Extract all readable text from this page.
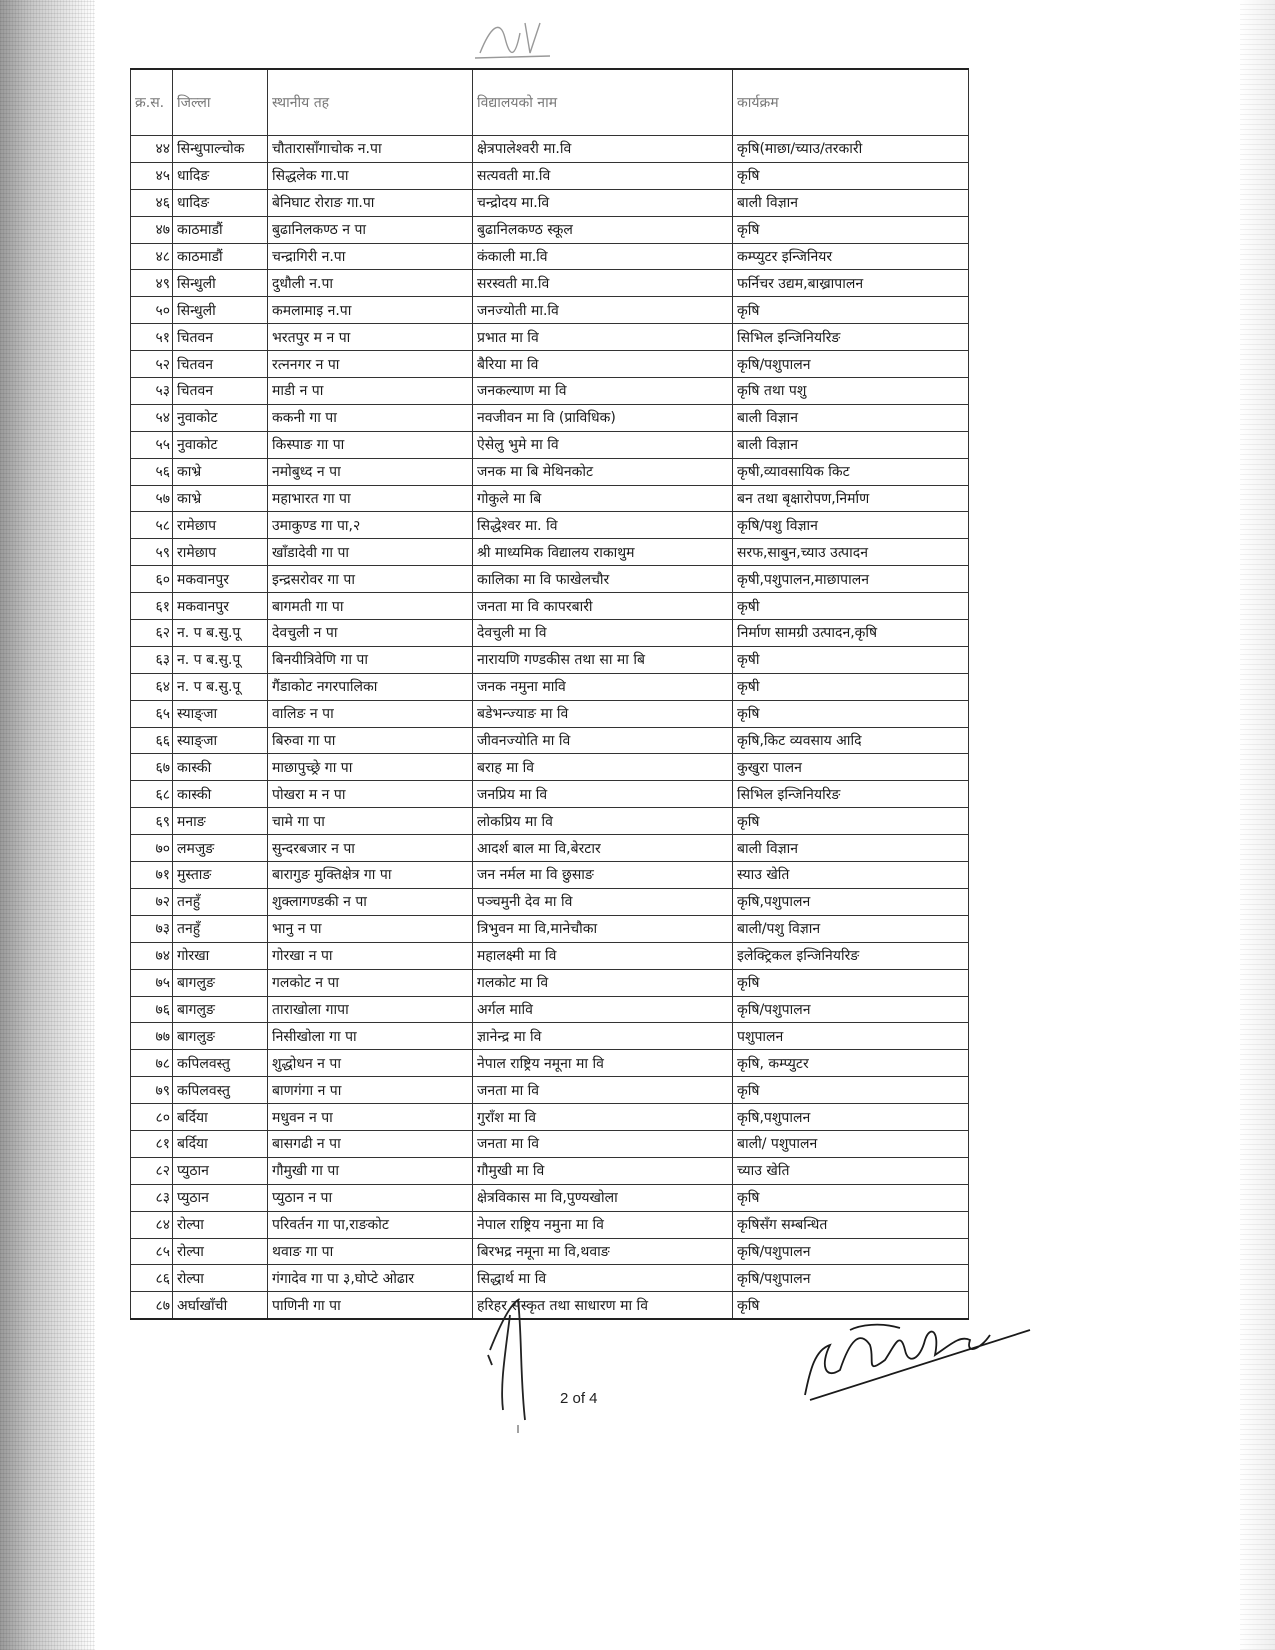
क्र.स.	जिल्ला	स्थानीय तह	विद्यालयको नाम	कार्यक्रम
४४	सिन्धुपाल्चोक	चौतारासाँगाचोक न.पा	क्षेत्रपालेश्वरी मा.वि	कृषि(माछा/च्याउ/तरकारी
४५	धादिङ	सिद्धलेक गा.पा	सत्यवती मा.वि	कृषि
४६	धादिङ	बेनिघाट रोराङ गा.पा	चन्द्रोदय मा.वि	बाली विज्ञान
४७	काठमाडौं	बुढानिलकण्ठ न पा	बुढानिलकण्ठ स्कूल	कृषि
४८	काठमाडौं	चन्द्रागिरी न.पा	कंकाली मा.वि	कम्प्युटर इन्जिनियर
४९	सिन्धुली	दुधौली न.पा	सरस्वती मा.वि	फर्निचर उद्यम,बाख्रापालन
५०	सिन्धुली	कमलामाइ न.पा	जनज्योती मा.वि	कृषि
५१	चितवन	भरतपुर म न पा	प्रभात मा वि	सिभिल इन्जिनियरिङ
५२	चितवन	रत्ननगर न पा	बैरिया मा वि	कृषि/पशुपालन
५३	चितवन	माडी न पा	जनकल्याण मा वि	कृषि तथा पशु
५४	नुवाकोट	ककनी गा पा	नवजीवन मा वि (प्राविधिक)	बाली विज्ञान
५५	नुवाकोट	किस्पाङ गा पा	ऐसेलु भुमे मा वि	बाली विज्ञान
५६	काभ्रे	नमोबुध्द न पा	जनक मा बि मेथिनकोट	कृषी,व्यावसायिक किट
५७	काभ्रे	महाभारत गा पा	गोकुले मा बि	बन तथा बृक्षारोपण,निर्माण
५८	रामेछाप	उमाकुण्ड गा पा,२	सिद्धेश्वर मा. वि	कृषि/पशु विज्ञान
५९	रामेछाप	खाँडादेवी गा पा	श्री माध्यमिक विद्यालय राकाथुम	सरफ,साबुन,च्याउ उत्पादन
६०	मकवानपुर	इन्द्रसरोवर गा पा	कालिका मा वि फाखेलचौर	कृषी,पशुपालन,माछापालन
६१	मकवानपुर	बागमती गा पा	जनता मा वि कापरबारी	कृषी
६२	न. प ब.सु.पू	देवचुली न पा	देवचुली मा वि	निर्माण सामग्री उत्पादन,कृषि
६३	न. प ब.सु.पू	बिनयीत्रिवेणि गा पा	नारायणि गण्डकीस तथा सा मा बि	कृषी
६४	न. प ब.सु.पू	गैंडाकोट नगरपालिका	जनक नमुना मावि	कृषी
६५	स्याङ्जा	वालिङ न पा	बडेभन्ज्याङ मा वि	कृषि
६६	स्याङ्जा	बिरुवा गा पा	जीवनज्योति मा वि	कृषि,किट व्यवसाय आदि
६७	कास्की	माछापुच्छ्रे गा पा	बराह मा वि	कुखुरा पालन
६८	कास्की	पोखरा म न पा	जनप्रिय मा वि	सिभिल इन्जिनियरिङ
६९	मनाङ	चामे गा पा	लोकप्रिय मा वि	कृषि
७०	लमजुङ	सुन्दरबजार न पा	आदर्श बाल मा वि,बेरटार	बाली विज्ञान
७१	मुस्ताङ	बारागुङ मुक्तिक्षेत्र गा पा	जन नर्मल मा वि छुसाङ	स्याउ खेति
७२	तनहुँ	शुक्लागण्डकी न पा	पञ्चमुनी देव मा वि	कृषि,पशुपालन
७३	तनहुँ	भानु न पा	त्रिभुवन मा वि,मानेचौका	बाली/पशु विज्ञान
७४	गोरखा	गोरखा न पा	महालक्ष्मी मा वि	इलेक्ट्रिकल इन्जिनियरिङ
७५	बागलुङ	गलकोट न पा	गलकोट मा वि	कृषि
७६	बागलुङ	ताराखोला गापा	अर्गल मावि	कृषि/पशुपालन
७७	बागलुङ	निसीखोला गा पा	ज्ञानेन्द्र मा वि	पशुपालन
७८	कपिलवस्तु	शुद्धोधन न पा	नेपाल राष्ट्रिय नमूना मा वि	कृषि, कम्प्युटर
७९	कपिलवस्तु	बाणगंगा न पा	जनता मा वि	कृषि
८०	बर्दिया	मधुवन न पा	गुराँश मा वि	कृषि,पशुपालन
८१	बर्दिया	बासगढी न पा	जनता मा वि	बाली/ पशुपालन
८२	प्युठान	गौमुखी गा पा	गौमुखी मा वि	च्याउ खेति
८३	प्युठान	प्युठान न पा	क्षेत्रविकास मा वि,पुण्यखोला	कृषि
८४	रोल्पा	परिवर्तन गा पा,राङकोट	नेपाल राष्ट्रिय नमुना मा वि	कृषिसँग सम्बन्धित
८५	रोल्पा	थवाङ गा पा	बिरभद्र नमूना मा वि,थवाङ	कृषि/पशुपालन
८६	रोल्पा	गंगादेव गा पा ३,घोप्टे ओढार	सिद्धार्थ मा वि	कृषि/पशुपालन
८७	अर्घाखाँची	पाणिनी गा पा	हरिहर संस्कृत तथा साधारण मा वि	कृषि
2 of 4
